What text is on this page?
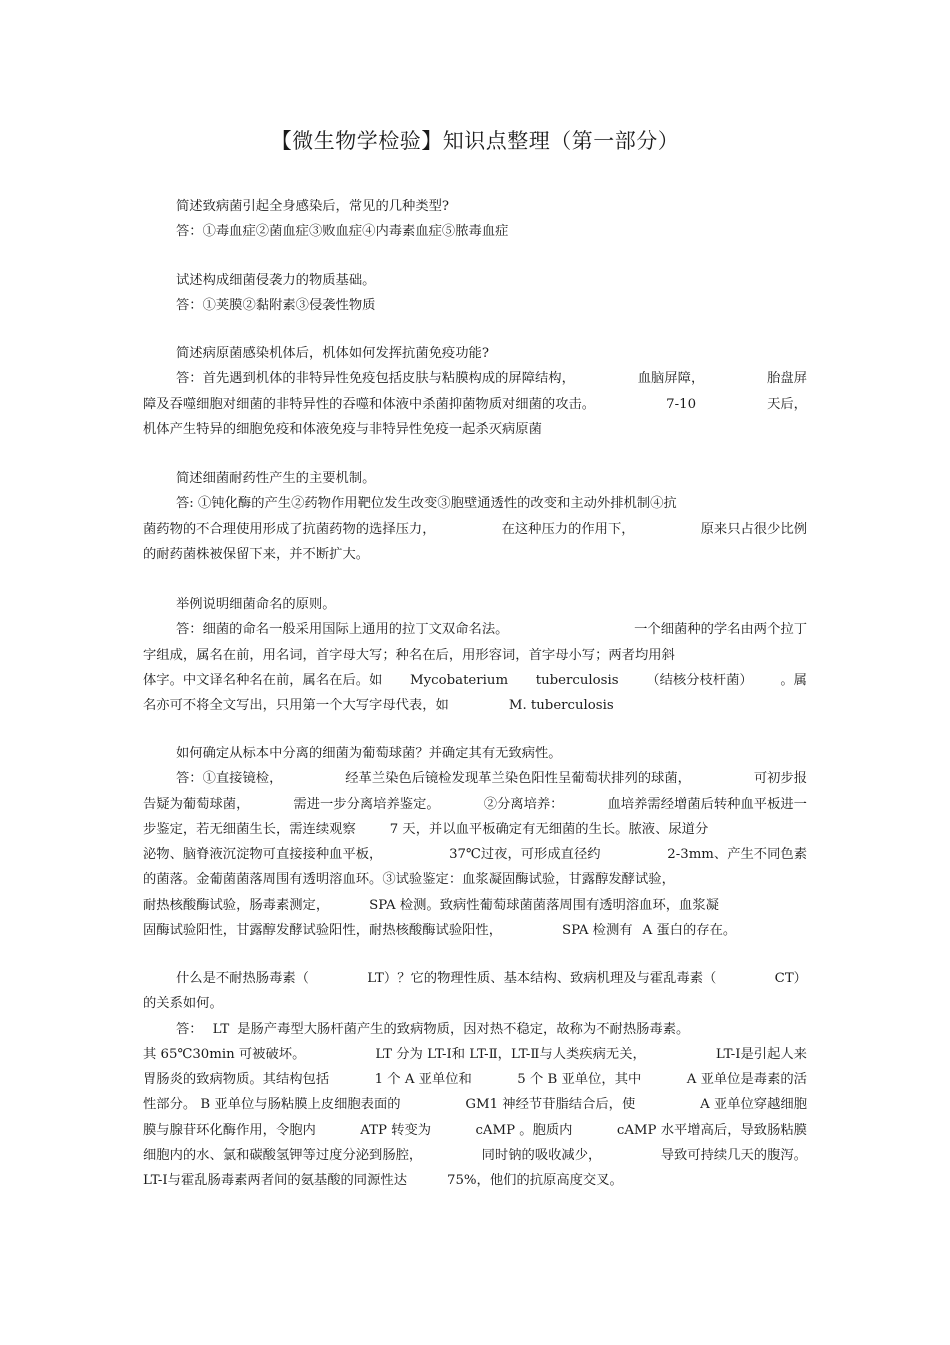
【微生物学检验】知识点整理（第一部分）
简述致病菌引起全身感染后，常见的几种类型?
答：①毒血症②菌血症③败血症④内毒素血症⑤脓毒血症
试述构成细菌侵袭力的物质基础。
答：①荚膜②黏附素③侵袭性物质
简述病原菌感染机体后，机体如何发挥抗菌免疫功能?
答：首先遇到机体的非特异性免疫包括皮肤与粘膜构成的屏障结构，	血脑屏障，	胎盘屏
障及吞噬细胞对细菌的非特异性的吞噬和体液中杀菌抑菌物质对细菌的攻击。	7-10	天后，
机体产生特异的细胞免疫和体液免疫与非特异性免疫一起杀灭病原菌
简述细菌耐药性产生的主要机制。
答: ①钝化酶的产生②药物作用靶位发生改变③胞壁通透性的改变和主动外排机制④抗
菌药物的不合理使用形成了抗菌药物的选择压力，	在这种压力的作用下，	原来只占很少比例
的耐药菌株被保留下来，并不断扩大。
举例说明细菌命名的原则。
答：细菌的命名一般采用国际上通用的拉丁文双命名法。	一个细菌种的学名由两个拉丁
字组成，属名在前，用名词，首字母大写；种名在后，用形容词，首字母小写；两者均用斜
体字。中文译名种名在前，属名在后。如 Mycobaterium tuberculosis （结核分枝杆菌） 。属
名亦可不将全文写出，只用第一个大写字母代表，如	M. tuberculosis
如何确定从标本中分离的细菌为葡萄球菌？并确定其有无致病性。
答：①直接镜检，	经革兰染色后镜检发现革兰染色阳性呈葡萄状排列的球菌，	可初步报
告疑为葡萄球菌，	需进一步分离培养鉴定。	②分离培养：	血培养需经增菌后转种血平板进一
步鉴定，若无细菌生长，需连续观察	7 天，并以血平板确定有无细菌的生长。脓液、尿道分
泌物、脑脊液沉淀物可直接接种血平板，	37℃过夜，可形成直径约	2-3mm、产生不同色素
的菌落。金葡菌菌落周围有透明溶血环。③试验鉴定：血浆凝固酶试验，甘露醇发酵试验，
耐热核酸酶试验，肠毒素测定，	SPA 检测。致病性葡萄球菌菌落周围有透明溶血环，血浆凝
固酶试验阳性，甘露醇发酵试验阳性，耐热核酸酶试验阳性，	SPA 检测有 A 蛋白的存在。
什么是不耐热肠毒素（	LT）？它的物理性质、基本结构、致病机理及与霍乱毒素（	CT）
的关系如何。
答： LT 是肠产毒型大肠杆菌产生的致病物质，因对热不稳定，故称为不耐热肠毒素。
其 65℃30min 可被破坏。	LT 分为 LT-Ⅰ和 LT-Ⅱ，LT-Ⅱ与人类疾病无关，	LT-Ⅰ是引起人来
胃肠炎的致病物质。其结构包括	1 个 A 亚单位和	5 个 B 亚单位，其中	A 亚单位是毒素的活
性部分。 B 亚单位与肠粘膜上皮细胞表面的	GM1 神经节苷脂结合后，使	A 亚单位穿越细胞
膜与腺苷环化酶作用，令胞内	ATP 转变为	cAMP 。胞质内	cAMP 水平增高后，导致肠粘膜
细胞内的水、氯和碳酸氢钾等过度分泌到肠腔，	同时钠的吸收减少，	导致可持续几天的腹泻。
LT-Ⅰ与霍乱肠毒素两者间的氨基酸的同源性达	75%，他们的抗原高度交叉。
